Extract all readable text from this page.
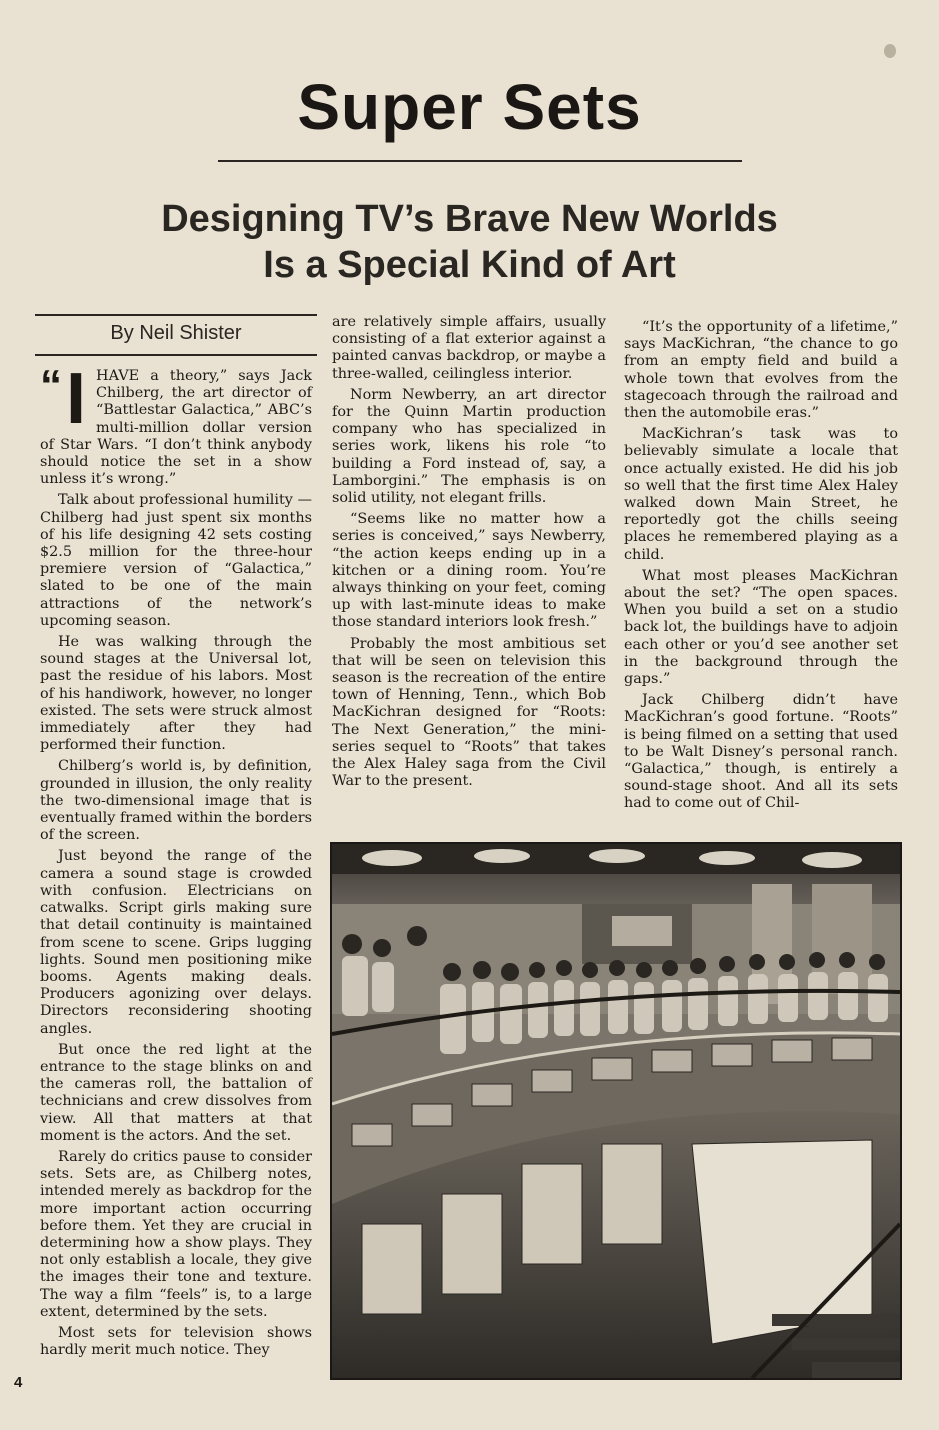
Super Sets
Designing TV’s Brave New Worlds
Is a Special Kind of Art
By Neil Shister

“ I HAVE a theory,” says Jack Chilberg, the art director of “Battlestar Galactica,” ABC’s multi-million dollar version of Star Wars. “I don’t think anybody should notice the set in a show unless it’s wrong.”

Talk about professional humility — Chilberg had just spent six months of his life designing 42 sets costing $2.5 million for the three-hour premiere version of “Galactica,” slated to be one of the main attractions of the network’s upcoming season.

He was walking through the sound stages at the Universal lot, past the residue of his labors. Most of his handiwork, however, no longer existed. The sets were struck almost immediately after they had performed their function.

Chilberg’s world is, by definition, grounded in illusion, the only reality the two-dimensional image that is eventually framed within the borders of the screen.

Just beyond the range of the camera a sound stage is crowded with confusion. Electricians on catwalks. Script girls making sure that detail continuity is maintained from scene to scene. Grips lugging lights. Sound men positioning mike booms. Agents making deals. Producers agonizing over delays. Directors reconsidering shooting angles.

But once the red light at the entrance to the stage blinks on and the cameras roll, the battalion of technicians and crew dissolves from view. All that matters at that moment is the actors. And the set.

Rarely do critics pause to consider sets. Sets are, as Chilberg notes, intended merely as backdrop for the more important action occurring before them. Yet they are crucial in determining how a show plays. They not only establish a locale, they give the images their tone and texture. The way a film “feels” is, to a large extent, determined by the sets.

Most sets for television shows hardly merit much notice. They

are relatively simple affairs, usually consisting of a flat exterior against a painted canvas backdrop, or maybe a three-walled, ceilingless interior.

Norm Newberry, an art director for the Quinn Martin production company who has specialized in series work, likens his role “to building a Ford instead of, say, a Lamborgini.” The emphasis is on solid utility, not elegant frills.

“Seems like no matter how a series is conceived,” says Newberry, “the action keeps ending up in a kitchen or a dining room. You’re always thinking on your feet, coming up with last-minute ideas to make those standard interiors look fresh.”

Probably the most ambitious set that will be seen on television this season is the recreation of the entire town of Henning, Tenn., which Bob MacKichran designed for “Roots: The Next Generation,” the mini-series sequel to “Roots” that takes the Alex Haley saga from the Civil War to the present.

“It’s the opportunity of a lifetime,” says MacKichran, “the chance to go from an empty field and build a whole town that evolves from the stagecoach through the railroad and then the automobile eras.”

MacKichran’s task was to believably simulate a locale that once actually existed. He did his job so well that the first time Alex Haley walked down Main Street, he reportedly got the chills seeing places he remembered playing as a child.

What most pleases MacKichran about the set? “The open spaces. When you build a set on a studio back lot, the buildings have to adjoin each other or you’d see another set in the background through the gaps.”

Jack Chilberg didn’t have MacKichran’s good fortune. “Roots” is being filmed on a setting that used to be Walt Disney’s personal ranch. “Galactica,” though, is entirely a sound-stage shoot. And all its sets had to come out of Chil-

4
